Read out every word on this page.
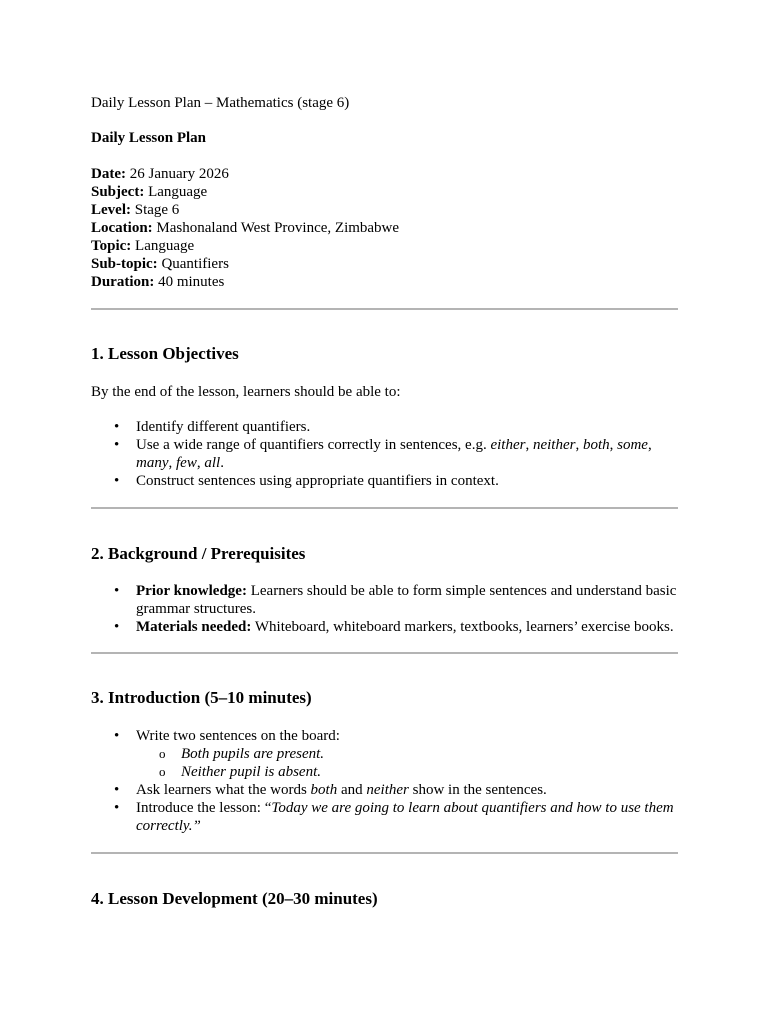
Daily Lesson Plan – Mathematics (stage 6)
Daily Lesson Plan
Date: 26 January 2026
Subject: Language
Level: Stage 6
Location: Mashonaland West Province, Zimbabwe
Topic: Language
Sub-topic: Quantifiers
Duration: 40 minutes
1. Lesson Objectives
By the end of the lesson, learners should be able to:
• Identify different quantifiers.
• Use a wide range of quantifiers correctly in sentences, e.g. either, neither, both, some, many, few, all.
• Construct sentences using appropriate quantifiers in context.
2. Background / Prerequisites
• Prior knowledge: Learners should be able to form simple sentences and understand basic grammar structures.
• Materials needed: Whiteboard, whiteboard markers, textbooks, learners’ exercise books.
3. Introduction (5–10 minutes)
• Write two sentences on the board:
o Both pupils are present.
o Neither pupil is absent.
• Ask learners what the words both and neither show in the sentences.
• Introduce the lesson: “Today we are going to learn about quantifiers and how to use them correctly.”
4. Lesson Development (20–30 minutes)
